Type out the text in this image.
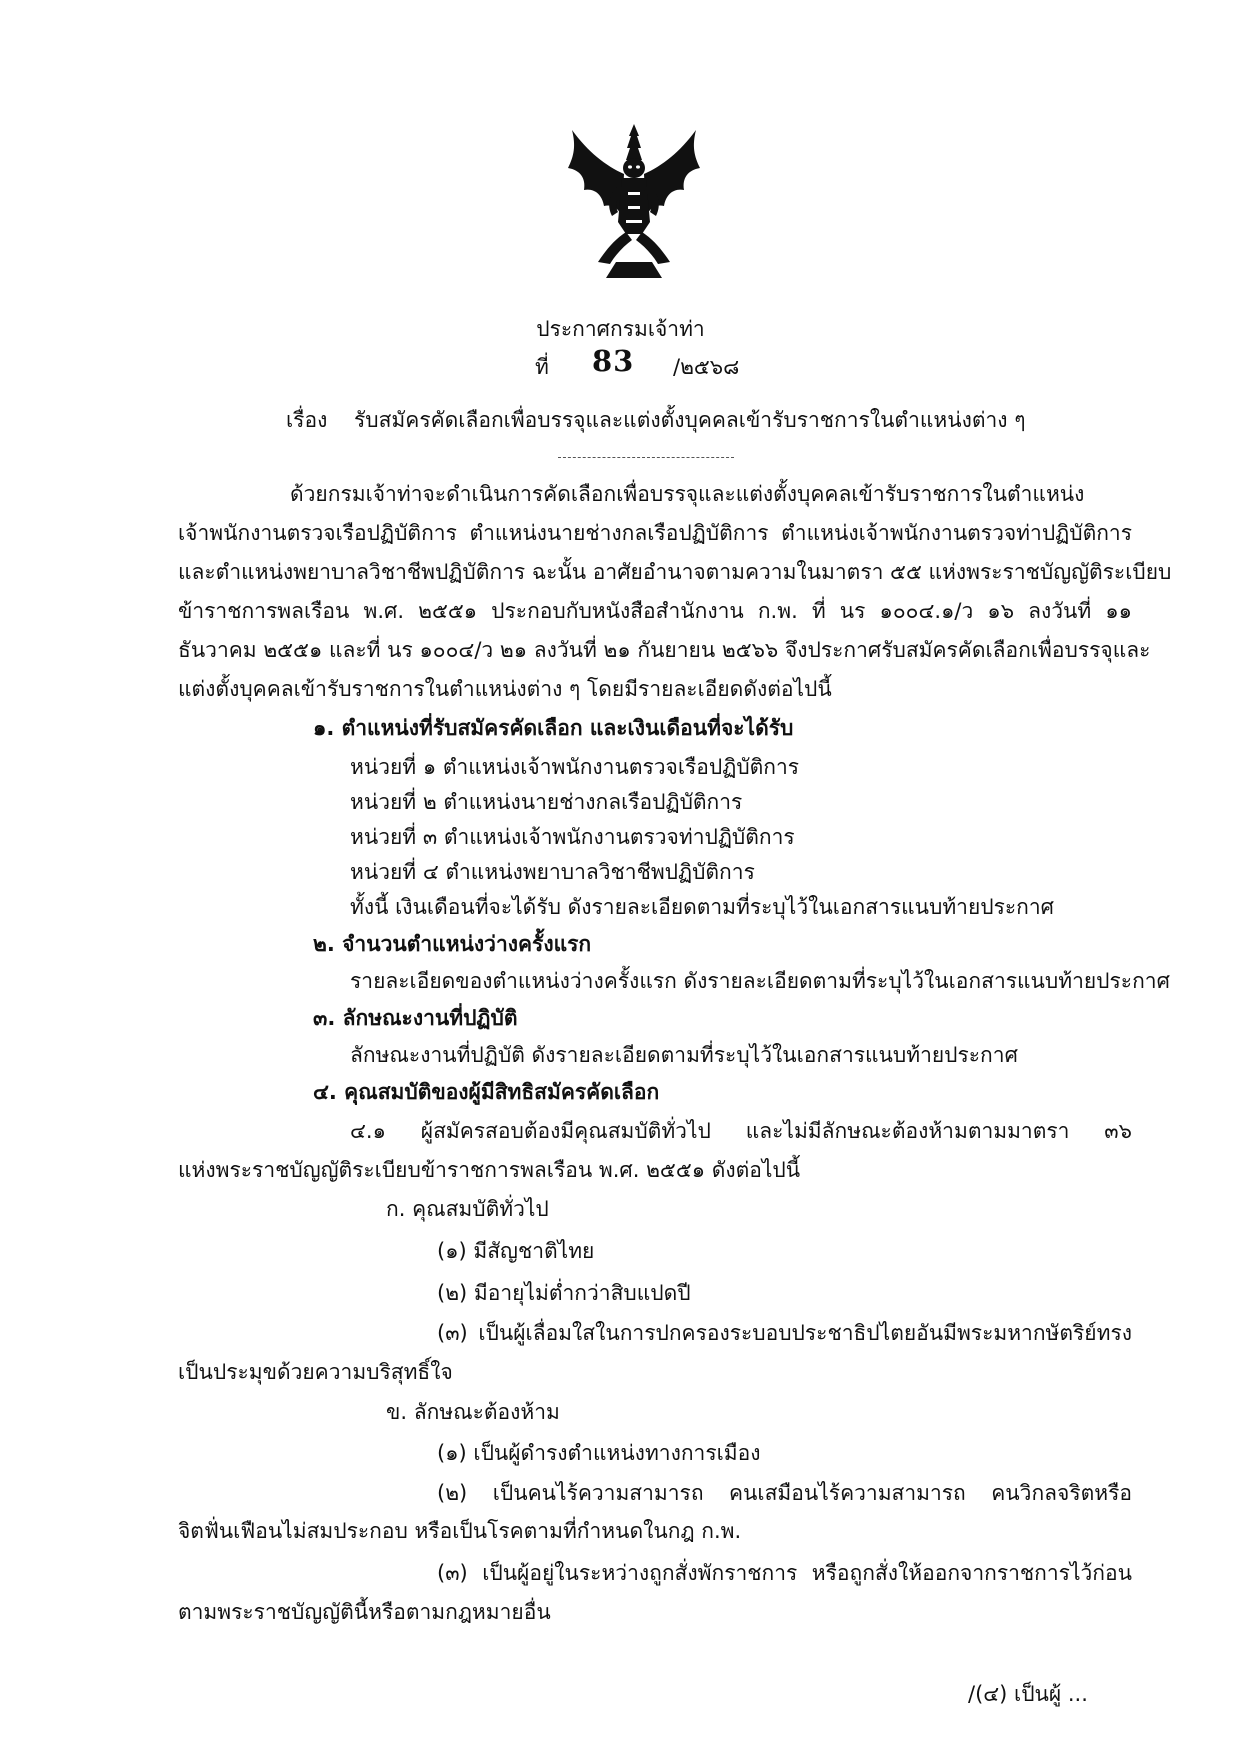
ประกาศกรมเจ้าท่า
ที่ 83 /๒๕๖๘
เรื่อง รับสมัครคัดเลือกเพื่อบรรจุและแต่งตั้งบุคคลเข้ารับราชการในตำแหน่งต่าง ๆ
ด้วยกรมเจ้าท่าจะดำเนินการคัดเลือกเพื่อบรรจุและแต่งตั้งบุคคลเข้ารับราชการในตำแหน่ง
เจ้าพนักงานตรวจเรือปฏิบัติการ ตำแหน่งนายช่างกลเรือปฏิบัติการ ตำแหน่งเจ้าพนักงานตรวจท่าปฏิบัติการ
และตำแหน่งพยาบาลวิชาชีพปฏิบัติการ ฉะนั้น อาศัยอำนาจตามความในมาตรา ๕๕ แห่งพระราชบัญญัติระเบียบ
ข้าราชการพลเรือน พ.ศ. ๒๕๕๑ ประกอบกับหนังสือสำนักงาน ก.พ. ที่ นร ๑๐๐๔.๑/ว ๑๖ ลงวันที่ ๑๑
ธันวาคม ๒๕๕๑ และที่ นร ๑๐๐๔/ว ๒๑ ลงวันที่ ๒๑ กันยายน ๒๕๖๖ จึงประกาศรับสมัครคัดเลือกเพื่อบรรจุและ
แต่งตั้งบุคคลเข้ารับราชการในตำแหน่งต่าง ๆ โดยมีรายละเอียดดังต่อไปนี้
๑. ตำแหน่งที่รับสมัครคัดเลือก และเงินเดือนที่จะได้รับ
หน่วยที่ ๑ ตำแหน่งเจ้าพนักงานตรวจเรือปฏิบัติการ
หน่วยที่ ๒ ตำแหน่งนายช่างกลเรือปฏิบัติการ
หน่วยที่ ๓ ตำแหน่งเจ้าพนักงานตรวจท่าปฏิบัติการ
หน่วยที่ ๔ ตำแหน่งพยาบาลวิชาชีพปฏิบัติการ
ทั้งนี้ เงินเดือนที่จะได้รับ ดังรายละเอียดตามที่ระบุไว้ในเอกสารแนบท้ายประกาศ
๒. จำนวนตำแหน่งว่างครั้งแรก
รายละเอียดของตำแหน่งว่างครั้งแรก ดังรายละเอียดตามที่ระบุไว้ในเอกสารแนบท้ายประกาศ
๓. ลักษณะงานที่ปฏิบัติ
ลักษณะงานที่ปฏิบัติ ดังรายละเอียดตามที่ระบุไว้ในเอกสารแนบท้ายประกาศ
๔. คุณสมบัติของผู้มีสิทธิสมัครคัดเลือก
๔.๑ ผู้สมัครสอบต้องมีคุณสมบัติทั่วไป และไม่มีลักษณะต้องห้ามตามมาตรา ๓๖
แห่งพระราชบัญญัติระเบียบข้าราชการพลเรือน พ.ศ. ๒๕๕๑ ดังต่อไปนี้
ก. คุณสมบัติทั่วไป
(๑) มีสัญชาติไทย
(๒) มีอายุไม่ต่ำกว่าสิบแปดปี
(๓) เป็นผู้เลื่อมใสในการปกครองระบอบประชาธิปไตยอันมีพระมหากษัตริย์ทรง
เป็นประมุขด้วยความบริสุทธิ์ใจ
ข. ลักษณะต้องห้าม
(๑) เป็นผู้ดำรงตำแหน่งทางการเมือง
(๒) เป็นคนไร้ความสามารถ คนเสมือนไร้ความสามารถ คนวิกลจริตหรือ
จิตฟั่นเฟือนไม่สมประกอบ หรือเป็นโรคตามที่กำหนดในกฎ ก.พ.
(๓) เป็นผู้อยู่ในระหว่างถูกสั่งพักราชการ หรือถูกสั่งให้ออกจากราชการไว้ก่อน
ตามพระราชบัญญัตินี้หรือตามกฎหมายอื่น
/(๔) เป็นผู้ ...
